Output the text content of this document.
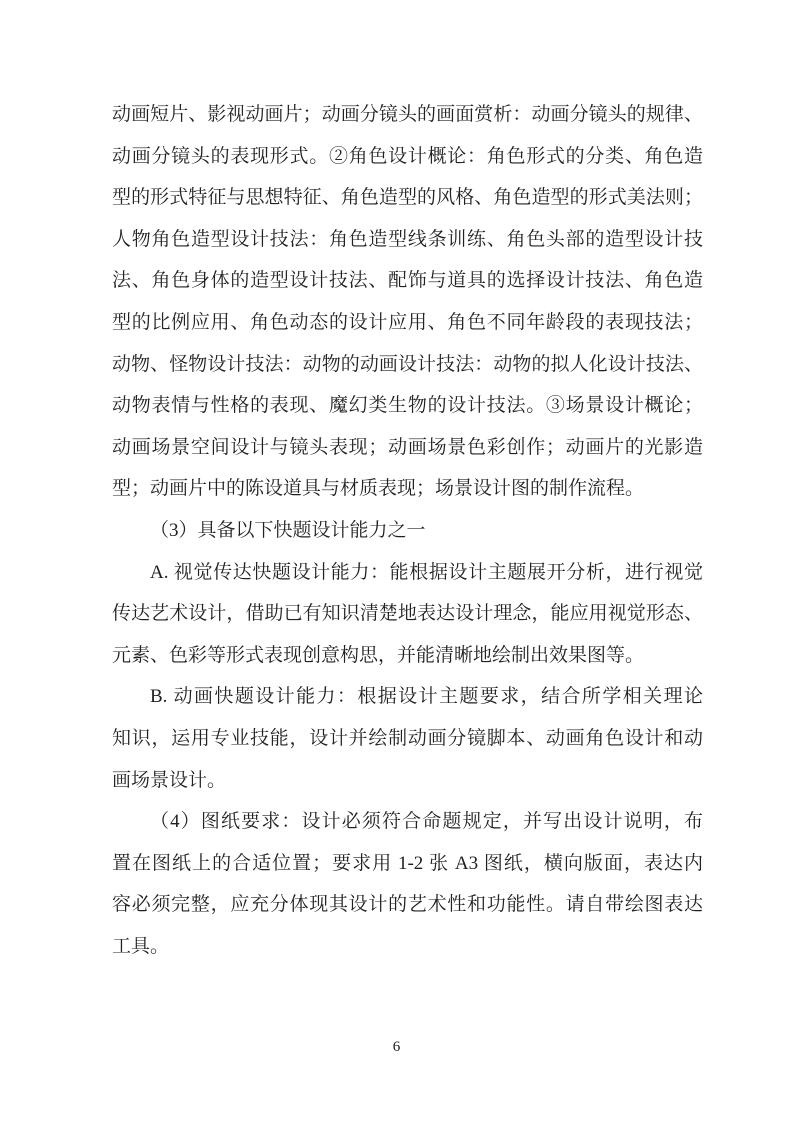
动画短片、影视动画片；动画分镜头的画面赏析：动画分镜头的规律、
动画分镜头的表现形式。②角色设计概论：角色形式的分类、角色造
型的形式特征与思想特征、角色造型的风格、角色造型的形式美法则；
人物角色造型设计技法：角色造型线条训练、角色头部的造型设计技
法、角色身体的造型设计技法、配饰与道具的选择设计技法、角色造
型的比例应用、角色动态的设计应用、角色不同年龄段的表现技法；
动物、怪物设计技法：动物的动画设计技法：动物的拟人化设计技法、
动物表情与性格的表现、魔幻类生物的设计技法。③场景设计概论；
动画场景空间设计与镜头表现；动画场景色彩创作；动画片的光影造
型；动画片中的陈设道具与材质表现；场景设计图的制作流程。
（3）具备以下快题设计能力之一
A. 视觉传达快题设计能力：能根据设计主题展开分析，进行视觉
传达艺术设计，借助已有知识清楚地表达设计理念，能应用视觉形态、
元素、色彩等形式表现创意构思，并能清晰地绘制出效果图等。
B. 动画快题设计能力：根据设计主题要求，结合所学相关理论
知识，运用专业技能，设计并绘制动画分镜脚本、动画角色设计和动
画场景设计。
（4）图纸要求：设计必须符合命题规定，并写出设计说明，布
置在图纸上的合适位置；要求用 1-2 张 A3 图纸，横向版面，表达内
容必须完整，应充分体现其设计的艺术性和功能性。请自带绘图表达
工具。
6
